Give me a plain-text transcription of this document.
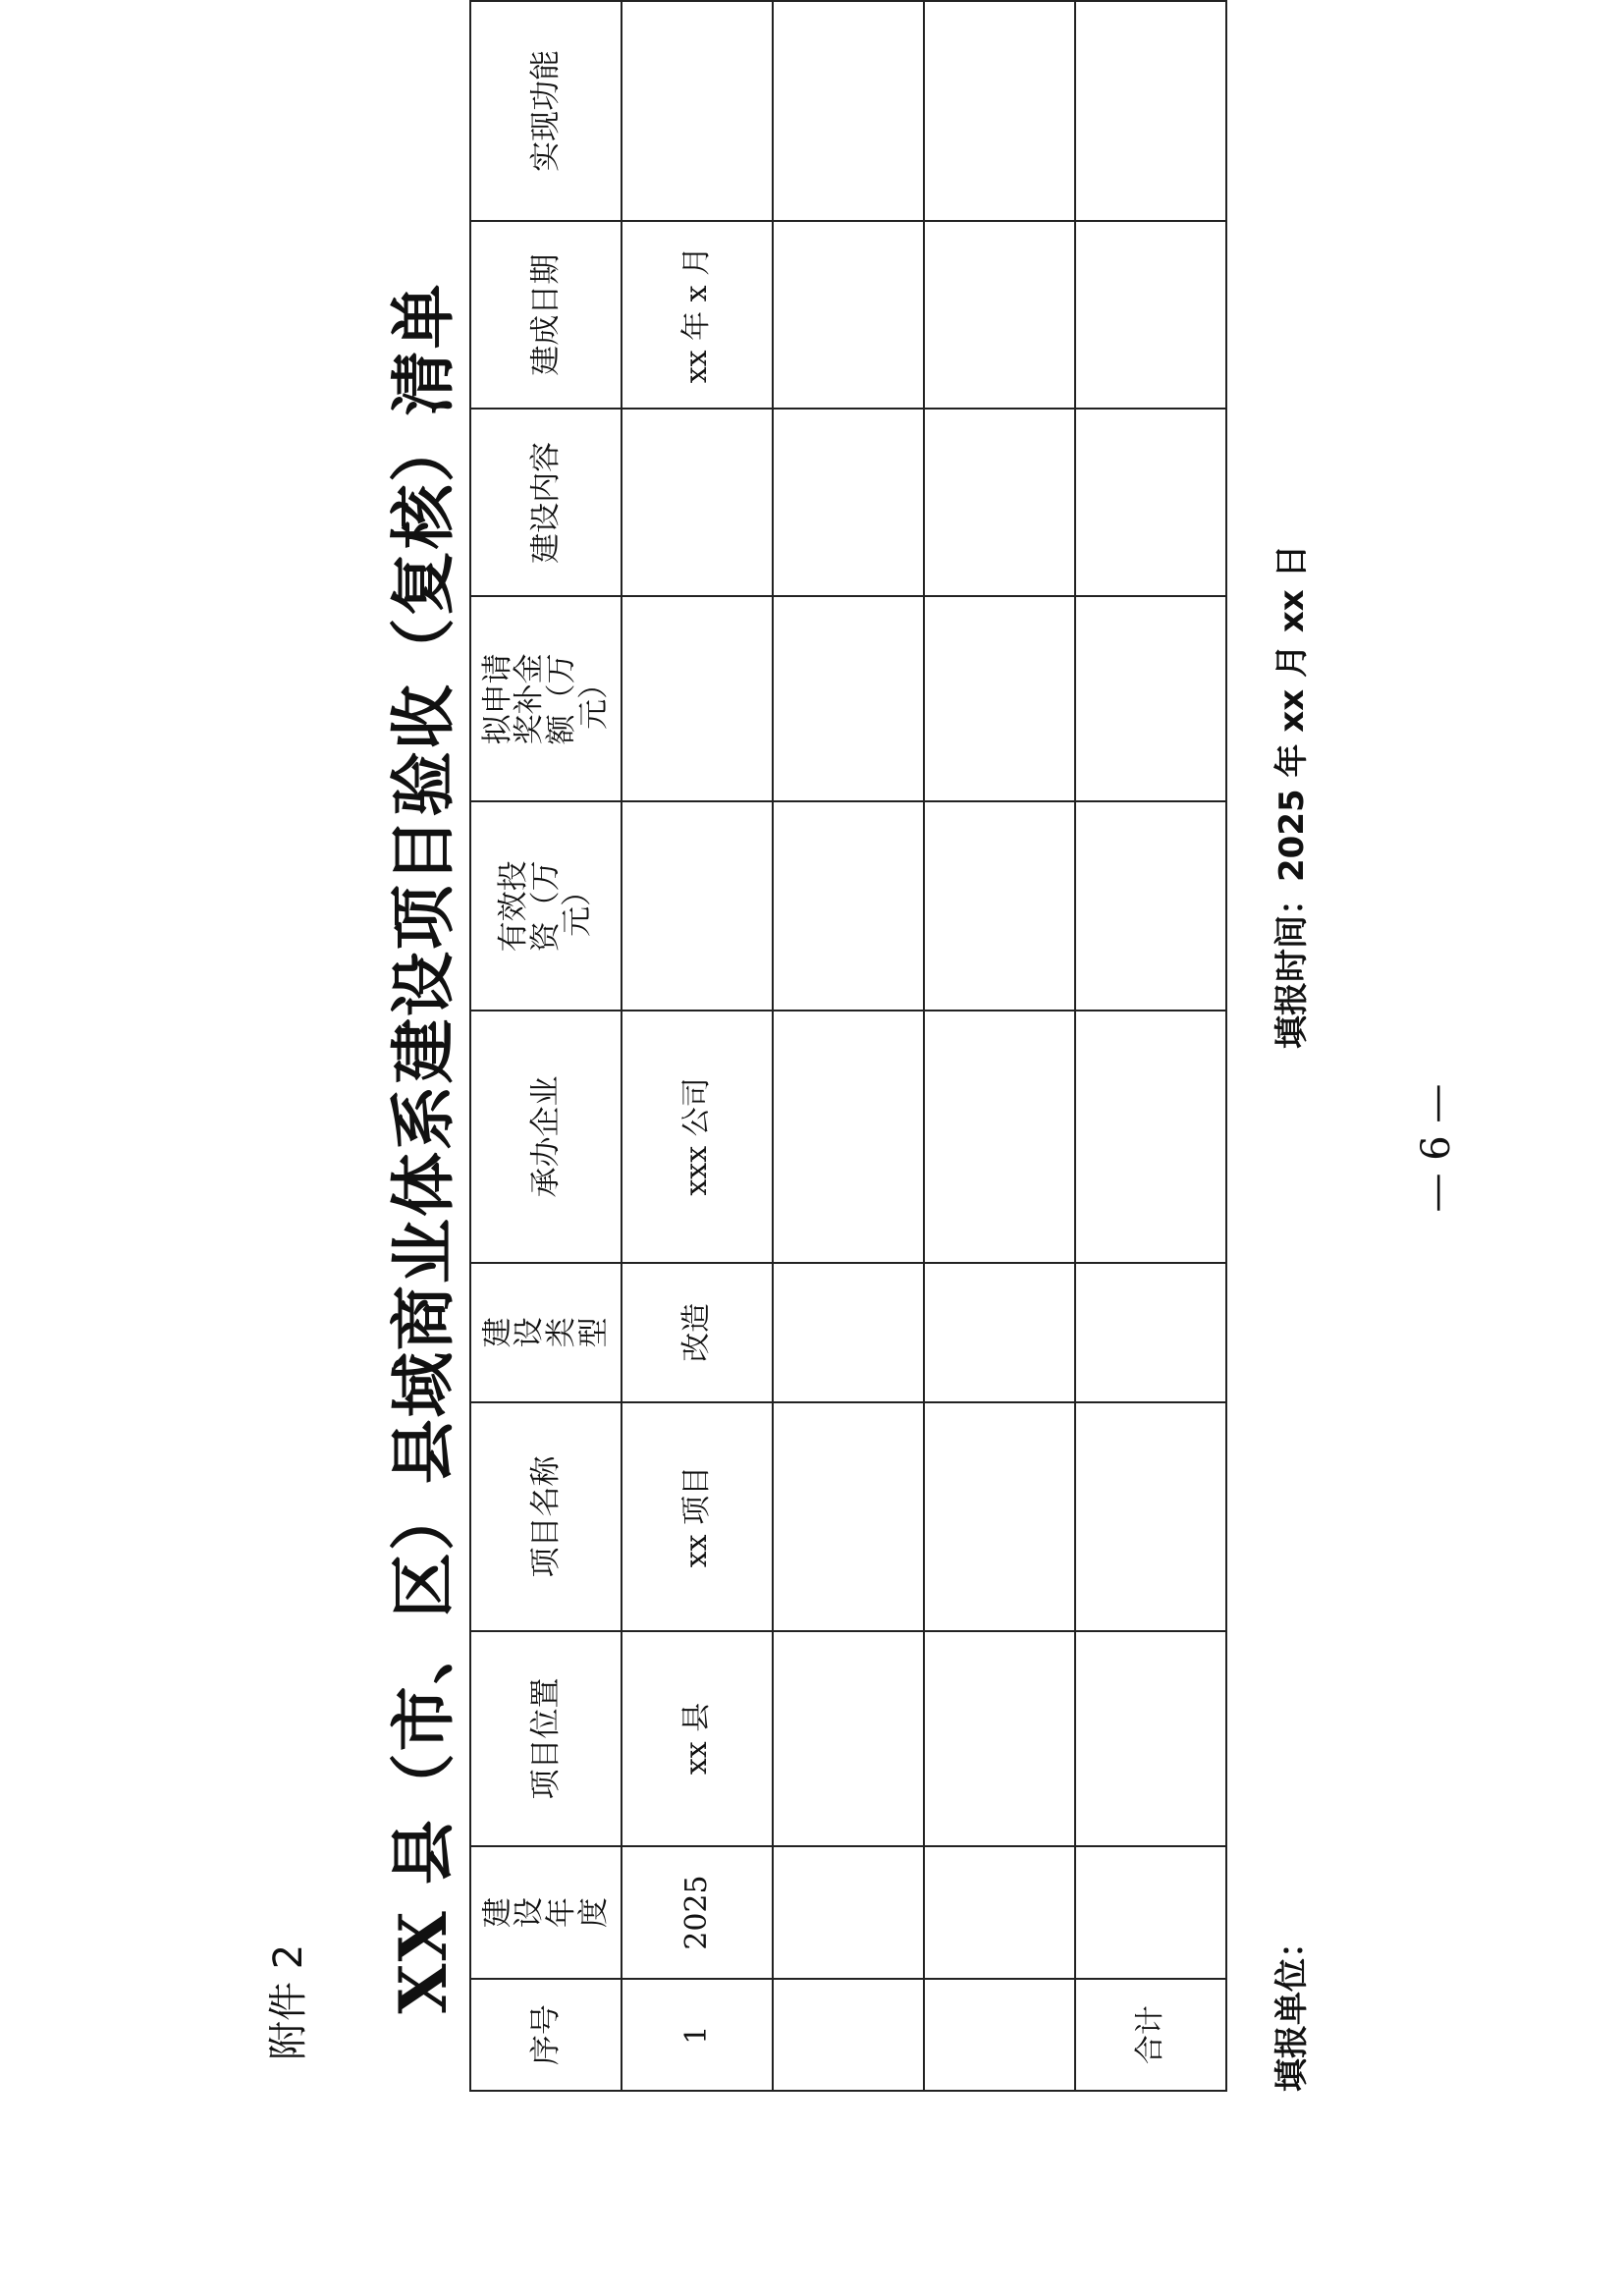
附件 2 XX 县（市、区）县域商业体系建设项目验收（复核）清单
序号	建设年度	项目位置	项目名称	建设类型	承办企业	有效投资（万元）	拟申请奖补金额（万元）	建设内容	建成日期	实现功能
1	2025	xx 县	xx 项目	改造	xxx 公司				xx 年 x 月	

合计											填报单位：
填报时间：2025 年 xx 月 xx 日
— 6 —
